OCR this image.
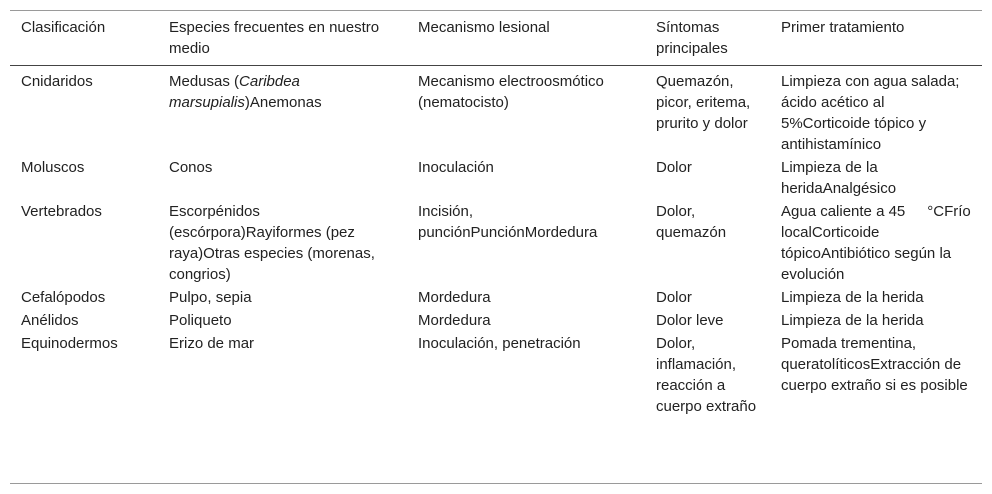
Clasificación	Especies frecuentes en nuestro medio	Mecanismo lesional	Síntomas principales	Primer tratamiento
Cnidaridos	Medusas (Caribdea marsupialis)Anemonas	Mecanismo electroosmótico (nematocisto)	Quemazón, picor, eritema, prurito y dolor	Limpieza con agua salada; ácido acético al 5%Corticoide tópico y antihistamínico
Moluscos	Conos	Inoculación	Dolor	Limpieza de la heridaAnalgésico
Vertebrados	Escorpénidos (escórpora)Rayiformes (pez raya)Otras especies (morenas, congrios)	Incisión, punciónPunciónMordedura	Dolor, quemazón	Agua caliente a 45 °CFrío localCorticoide tópicoAntibiótico según la evolución
Cefalópodos	Pulpo, sepia	Mordedura	Dolor	Limpieza de la herida
Anélidos	Poliqueto	Mordedura	Dolor leve	Limpieza de la herida
Equinodermos	Erizo de mar	Inoculación, penetración	Dolor, inflamación, reacción a cuerpo extraño	Pomada trementina, queratolíticosExtracción de cuerpo extraño si es posible
